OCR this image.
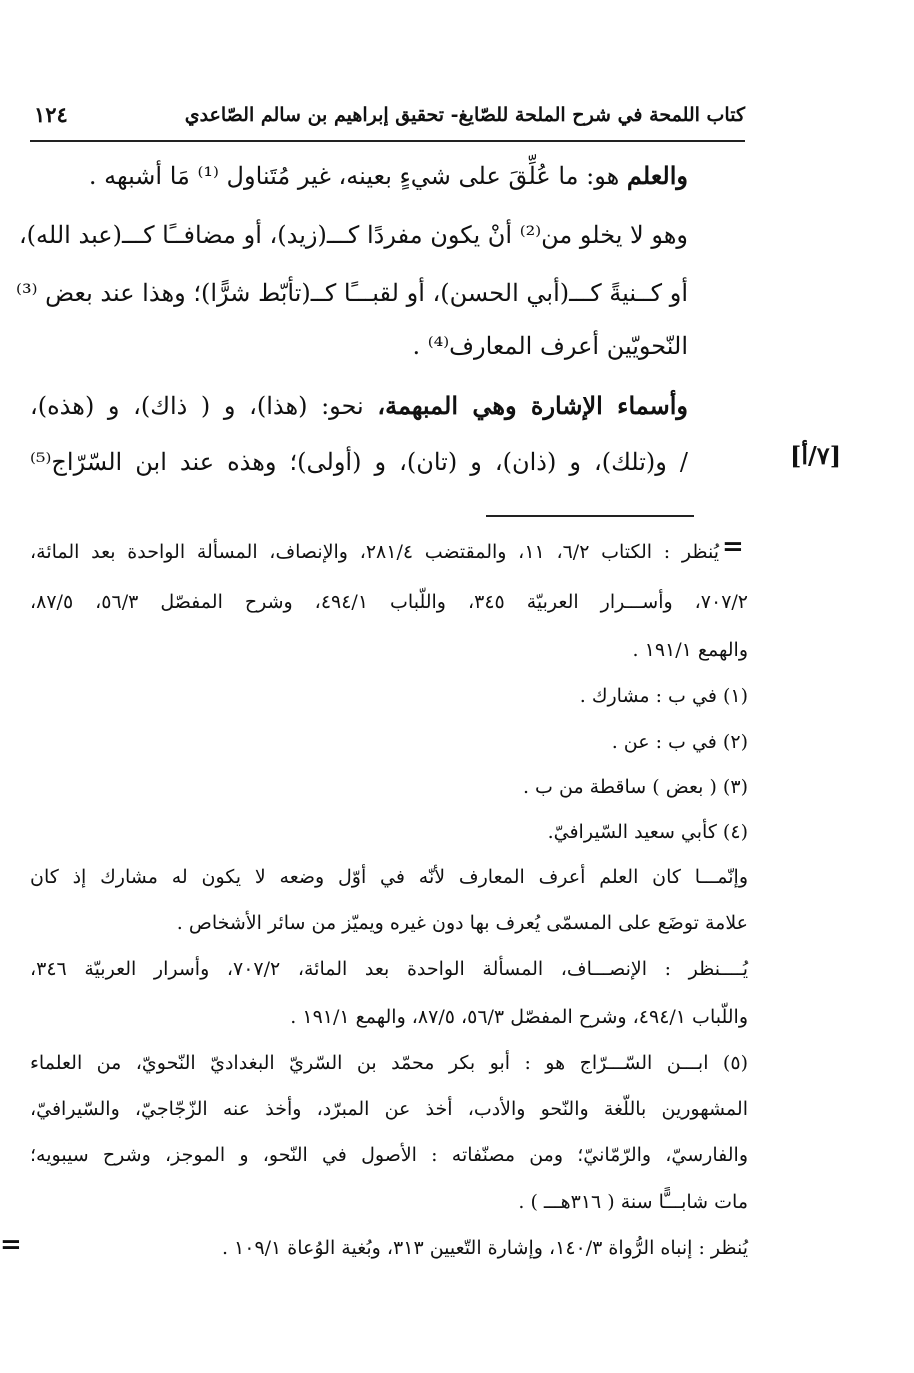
كتاب اللمحة في شرح الملحة للصّايغ- تحقيق إبراهيم بن سالم الصّاعدي
١٢٤
والعلم هو: ما عُلِّقَ على شيءٍ بعينه، غير مُتَناول ⁽¹⁾ مَا أشبهه .
وهو لا يخلو من⁽²⁾ أنْ يكون مفردًا كـــ(زيد)، أو مضافــًا كـــ(عبد الله)،
أو كــنيةً كـــ(أبي الحسن)، أو لقبـــًا كــ(تأبّط شرًّا)؛ وهذا عند بعض ⁽³⁾
النّحويّين أعرف المعارف⁽⁴⁾ .
وأسماء الإشارة وهي المبهمة، نحو: (هذا)، و ( ذاك)، و (هذه)،
/ و(تلك)، و (ذان)، و (تان)، و (أولى)؛ وهذه عند ابن السّرّاج⁽⁵⁾	[٧/أ]
=
يُنظر : الكتاب ٦/٢، ١١، والمقتضب ٢٨١/٤، والإنصاف، المسألة الواحدة بعد المائة،
٧٠٧/٢، وأســـرار العربيّة ٣٤٥، واللّباب ٤٩٤/١، وشرح المفصّل ٥٦/٣، ٨٧/٥،
والهمع ١٩١/١ .
(١) في ب : مشارك .
(٢) في ب : عن .
(٣) ( بعض ) ساقطة من ب .
(٤) كأبي سعيد السّيرافيّ.
وإنّمـــا كان العلم أعرف المعارف لأنّه في أوّل وضعه لا يكون له مشارك إذ كان
علامة توضَع على المسمّى يُعرف بها دون غيره ويميّز من سائر الأشخاص .
يُــــنظر : الإنصـــاف، المسألة الواحدة بعد المائة، ٧٠٧/٢، وأسرار العربيّة ٣٤٦،
واللّباب ٤٩٤/١، وشرح المفصّل ٥٦/٣، ٨٧/٥، والهمع ١٩١/١ .
(٥) ابـــن السّـــرّاج هو : أبو بكر محمّد بن السّريّ البغداديّ النّحويّ، من العلماء
المشهورين باللّغة والنّحو والأدب، أخذ عن المبرّد، وأخذ عنه الزّجّاجيّ، والسّيرافيّ،
والفارسيّ، والرّمّانيّ؛ ومن مصنّفاته : الأصول في النّحو، و الموجز، وشرح سيبويه؛
مات شابـــًّا سنة ( ٣١٦هـــ ) .
يُنظر : إنباه الرُّواة ١٤٠/٣، وإشارة التّعيين ٣١٣، وبُغية الوُعاة ١٠٩/١ .
=
